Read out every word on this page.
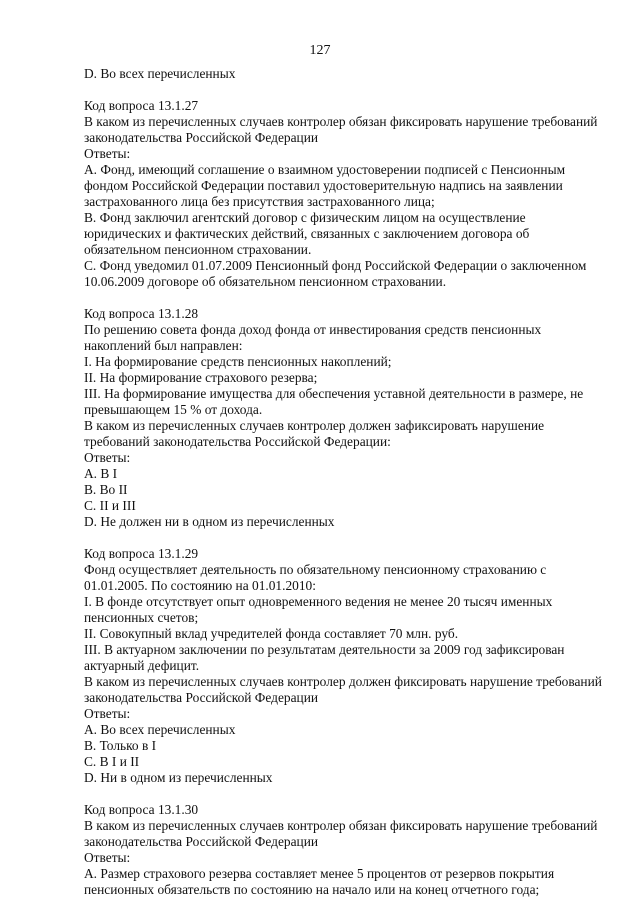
127

D. Во всех перечисленных

Код вопроса 13.1.27

В каком из перечисленных случаев контролер обязан фиксировать нарушение требований

законодательства Российской Федерации

Ответы:

А. Фонд, имеющий соглашение о взаимном удостоверении подписей с Пенсионным

фондом Российской Федерации поставил удостоверительную надпись на заявлении

застрахованного лица без присутствия застрахованного лица;

В. Фонд заключил агентский договор с физическим лицом на осуществление

юридических и фактических действий, связанных с заключением договора об

обязательном пенсионном страховании.

С. Фонд уведомил 01.07.2009 Пенсионный фонд Российской Федерации о заключенном

10.06.2009 договоре об обязательном пенсионном страховании.

Код вопроса 13.1.28

По решению совета фонда доход фонда от инвестирования средств пенсионных

накоплений был направлен:

I. На формирование средств пенсионных накоплений;

II. На формирование страхового резерва;

III. На формирование имущества для обеспечения уставной деятельности в размере, не

превышающем 15 % от дохода.

В каком из перечисленных случаев контролер должен зафиксировать нарушение

требований законодательства Российской Федерации:

Ответы:

А. В I

В. Во II

С. II и III

D. Не должен ни в одном из перечисленных

Код вопроса 13.1.29

Фонд осуществляет деятельность по обязательному пенсионному страхованию с

01.01.2005. По состоянию на 01.01.2010:

I. В фонде отсутствует опыт одновременного ведения не менее 20 тысяч именных

пенсионных счетов;

II. Совокупный вклад учредителей фонда составляет 70 млн. руб.

III. В актуарном заключении по результатам деятельности за 2009 год зафиксирован

актуарный дефицит.

В каком из перечисленных случаев контролер должен фиксировать нарушение требований

законодательства Российской Федерации

Ответы:

А. Во всех перечисленных

В. Только в I

С. В I и II

D. Ни в одном из перечисленных

Код вопроса 13.1.30

В каком из перечисленных случаев контролер обязан фиксировать нарушение требований

законодательства Российской Федерации

Ответы:

А. Размер страхового резерва составляет менее 5 процентов от резервов покрытия

пенсионных обязательств по состоянию на начало или на конец отчетного года;
